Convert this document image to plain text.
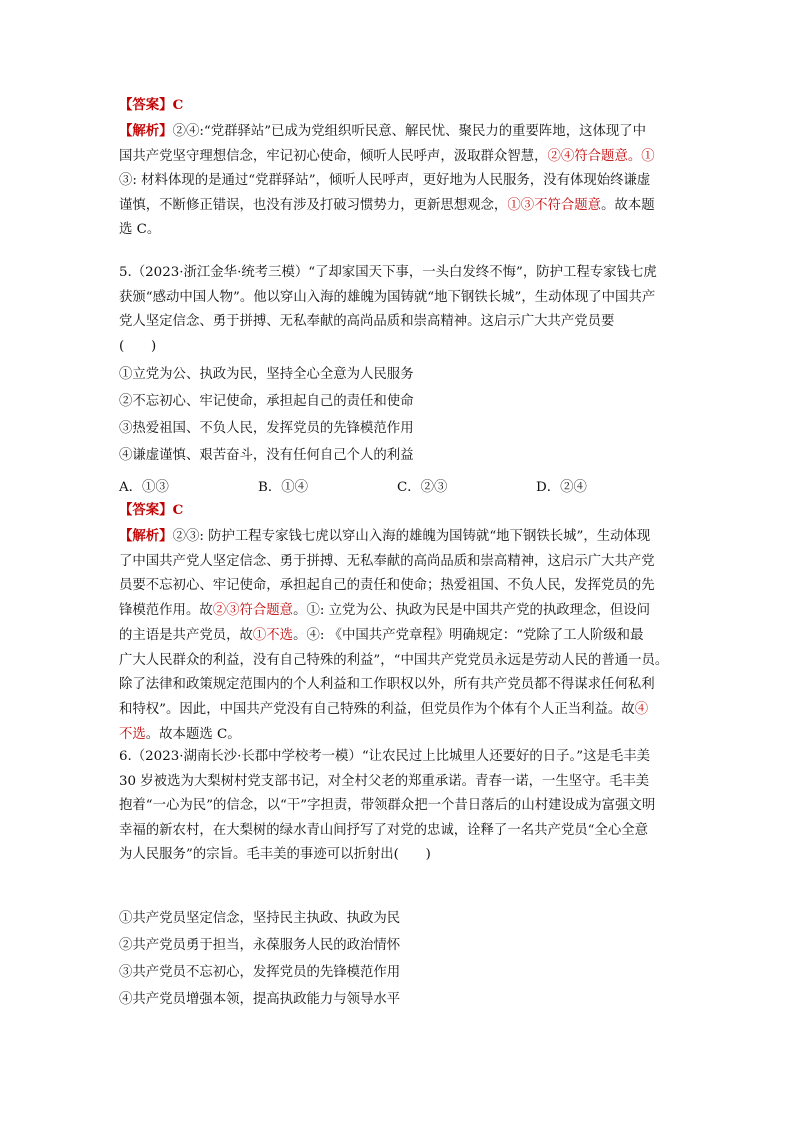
【答案】C
【解析】②④:“党群驿站”已成为党组织听民意、解民忧、聚民力的重要阵地，这体现了中
国共产党坚守理想信念，牢记初心使命，倾听人民呼声，汲取群众智慧，②④符合题意。①
③: 材料体现的是通过“党群驿站”，倾听人民呼声，更好地为人民服务，没有体现始终谦虚
谨慎，不断修正错误，也没有涉及打破习惯势力，更新思想观念，①③不符合题意。故本题
选 C。
5.（2023·浙江金华·统考三模）“了却家国天下事，一头白发终不悔”，防护工程专家钱七虎
获颁“感动中国人物”。他以穿山入海的雄魄为国铸就“地下钢铁长城”，生动体现了中国共产
党人坚定信念、勇于拼搏、无私奉献的高尚品质和崇高精神。这启示广大共产党员要
(　　)
①立党为公、执政为民，坚持全心全意为人民服务
②不忘初心、牢记使命，承担起自己的责任和使命
③热爱祖国、不负人民，发挥党员的先锋模范作用
④谦虚谨慎、艰苦奋斗，没有任何自己个人的利益
A．①③	B．①④	C．②③	D．②④
【答案】C
【解析】②③: 防护工程专家钱七虎以穿山入海的雄魄为国铸就“地下钢铁长城”，生动体现
了中国共产党人坚定信念、勇于拼搏、无私奉献的高尚品质和崇高精神，这启示广大共产党
员要不忘初心、牢记使命，承担起自己的责任和使命；热爱祖国、不负人民，发挥党员的先
锋模范作用。故②③符合题意。①: 立党为公、执政为民是中国共产党的执政理念，但设问
的主语是共产党员，故①不选。④: 《中国共产党章程》明确规定：“党除了工人阶级和最
广大人民群众的利益，没有自己特殊的利益”，“中国共产党党员永远是劳动人民的普通一员。
除了法律和政策规定范围内的个人利益和工作职权以外，所有共产党员都不得谋求任何私利
和特权”。因此，中国共产党没有自己特殊的利益，但党员作为个体有个人正当利益。故④
不选。故本题选 C。
6.（2023·湖南长沙·长郡中学校考一模）“让农民过上比城里人还要好的日子。”这是毛丰美
30 岁被选为大梨树村党支部书记，对全村父老的郑重承诺。青春一诺，一生坚守。毛丰美
抱着“一心为民”的信念，以“干”字担责，带领群众把一个昔日落后的山村建设成为富强文明
幸福的新农村，在大梨树的绿水青山间抒写了对党的忠诚，诠释了一名共产党员“全心全意
为人民服务”的宗旨。毛丰美的事迹可以折射出(　　)
①共产党员坚定信念，坚持民主执政、执政为民
②共产党员勇于担当，永葆服务人民的政治情怀
③共产党员不忘初心，发挥党员的先锋模范作用
④共产党员增强本领，提高执政能力与领导水平
